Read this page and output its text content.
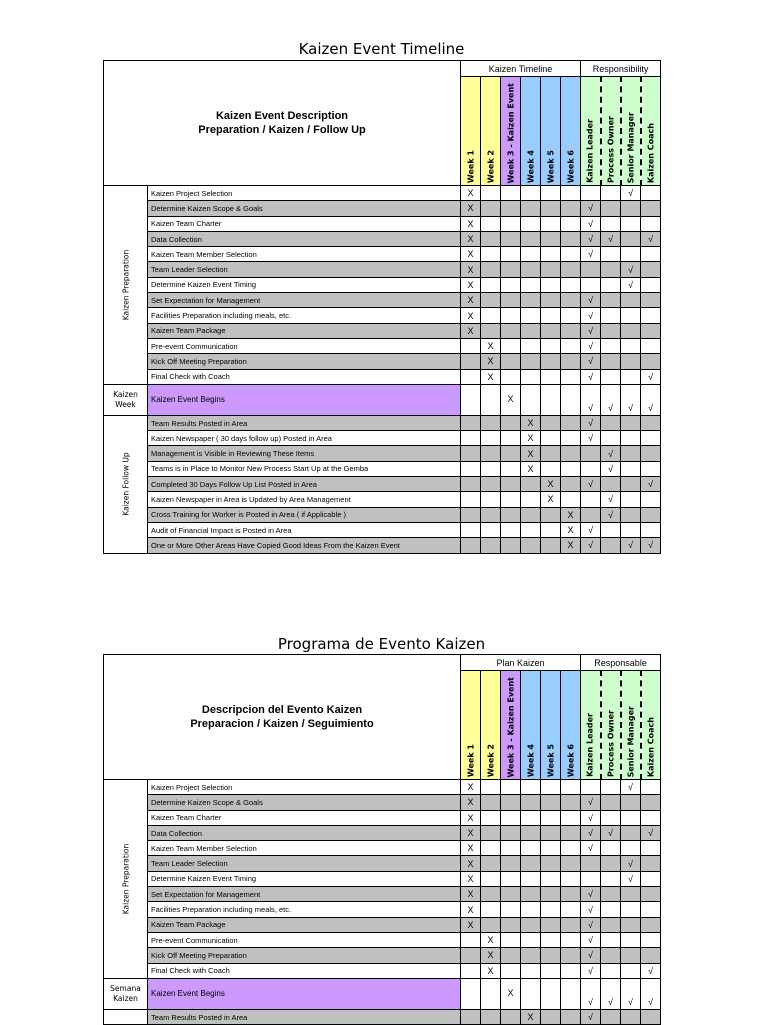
Kaizen Event Timeline
Kaizen Event Description
Preparation / Kaizen / Follow Up		Kaizen Timeline						Responsibility			

		Week 1	Week 2	Week 3 - Kaizen Event	Week 4	Week 5	Week 6	Kaizen Leader	Process Owner	Senior Manager	Kaizen Coach

Kaizen Preparation	Kaizen Project Selection	X								√	
	Determine Kaizen Scope & Goals	X						√			
	Kaizen Team Charter	X						√			
	Data Collection	X						√	√		√
	Kaizen Team Member Selection	X						√			
	Team Leader Selection	X								√	
	Determine Kaizen Event Timing	X								√	
	Set Expectation for Management	X						√			
	Facilities Preparation including meals, etc.	X						√			
	Kaizen Team Package	X						√			
	Pre-event Communication		X					√			
	Kick Off Meeting Preparation		X					√			
	Final Check with Coach		X					√			√

Kaizen Week	Kaizen Event Begins			X				√	√	√	√

Kaizen Follow Up	Team Results Posted in Area				X			√			
	Kaizen Newspaper ( 30 days follow up) Posted in Area				X			√			
	Management is Visible in Reviewing These Items				X				√		
	Teams is in Place to Monitor New Process Start Up at the Gemba				X				√		
	Completed 30 Days Follow Up List Posted in Area					X		√			√
	Kaizen Newspaper in Area is Updated by Area Management					X			√		
	Cross Training for Worker is Posted in Area ( if Applicable )						X		√		
	Audit of Financial Impact is Posted in Area						X	√			
	One or More Other Areas Have Copied Good Ideas From the Kaizen Event						X	√		√	√
Programa de Evento Kaizen
Descripcion del Evento Kaizen
Preparacion / Kaizen / Seguimiento		Plan Kaizen						Responsable			

		Week 1	Week 2	Week 3 - Kaizen Event	Week 4	Week 5	Week 6	Kaizen Leader	Process Owner	Senior Manager	Kaizen Coach

Kaizen Preparation	Kaizen Project Selection	X								√	
	Determine Kaizen Scope & Goals	X						√			
	Kaizen Team Charter	X						√			
	Data Collection	X						√	√		√
	Kaizen Team Member Selection	X						√			
	Team Leader Selection	X								√	
	Determine Kaizen Event Timing	X								√	
	Set Expectation for Management	X						√			
	Facilities Preparation including meals, etc.	X						√			
	Kaizen Team Package	X						√			
	Pre-event Communication		X					√			
	Kick Off Meeting Preparation		X					√			
	Final Check with Coach		X					√			√

Semana Kaizen	Kaizen Event Begins			X				√	√	√	√

	Team Results Posted in Area				X			√			
